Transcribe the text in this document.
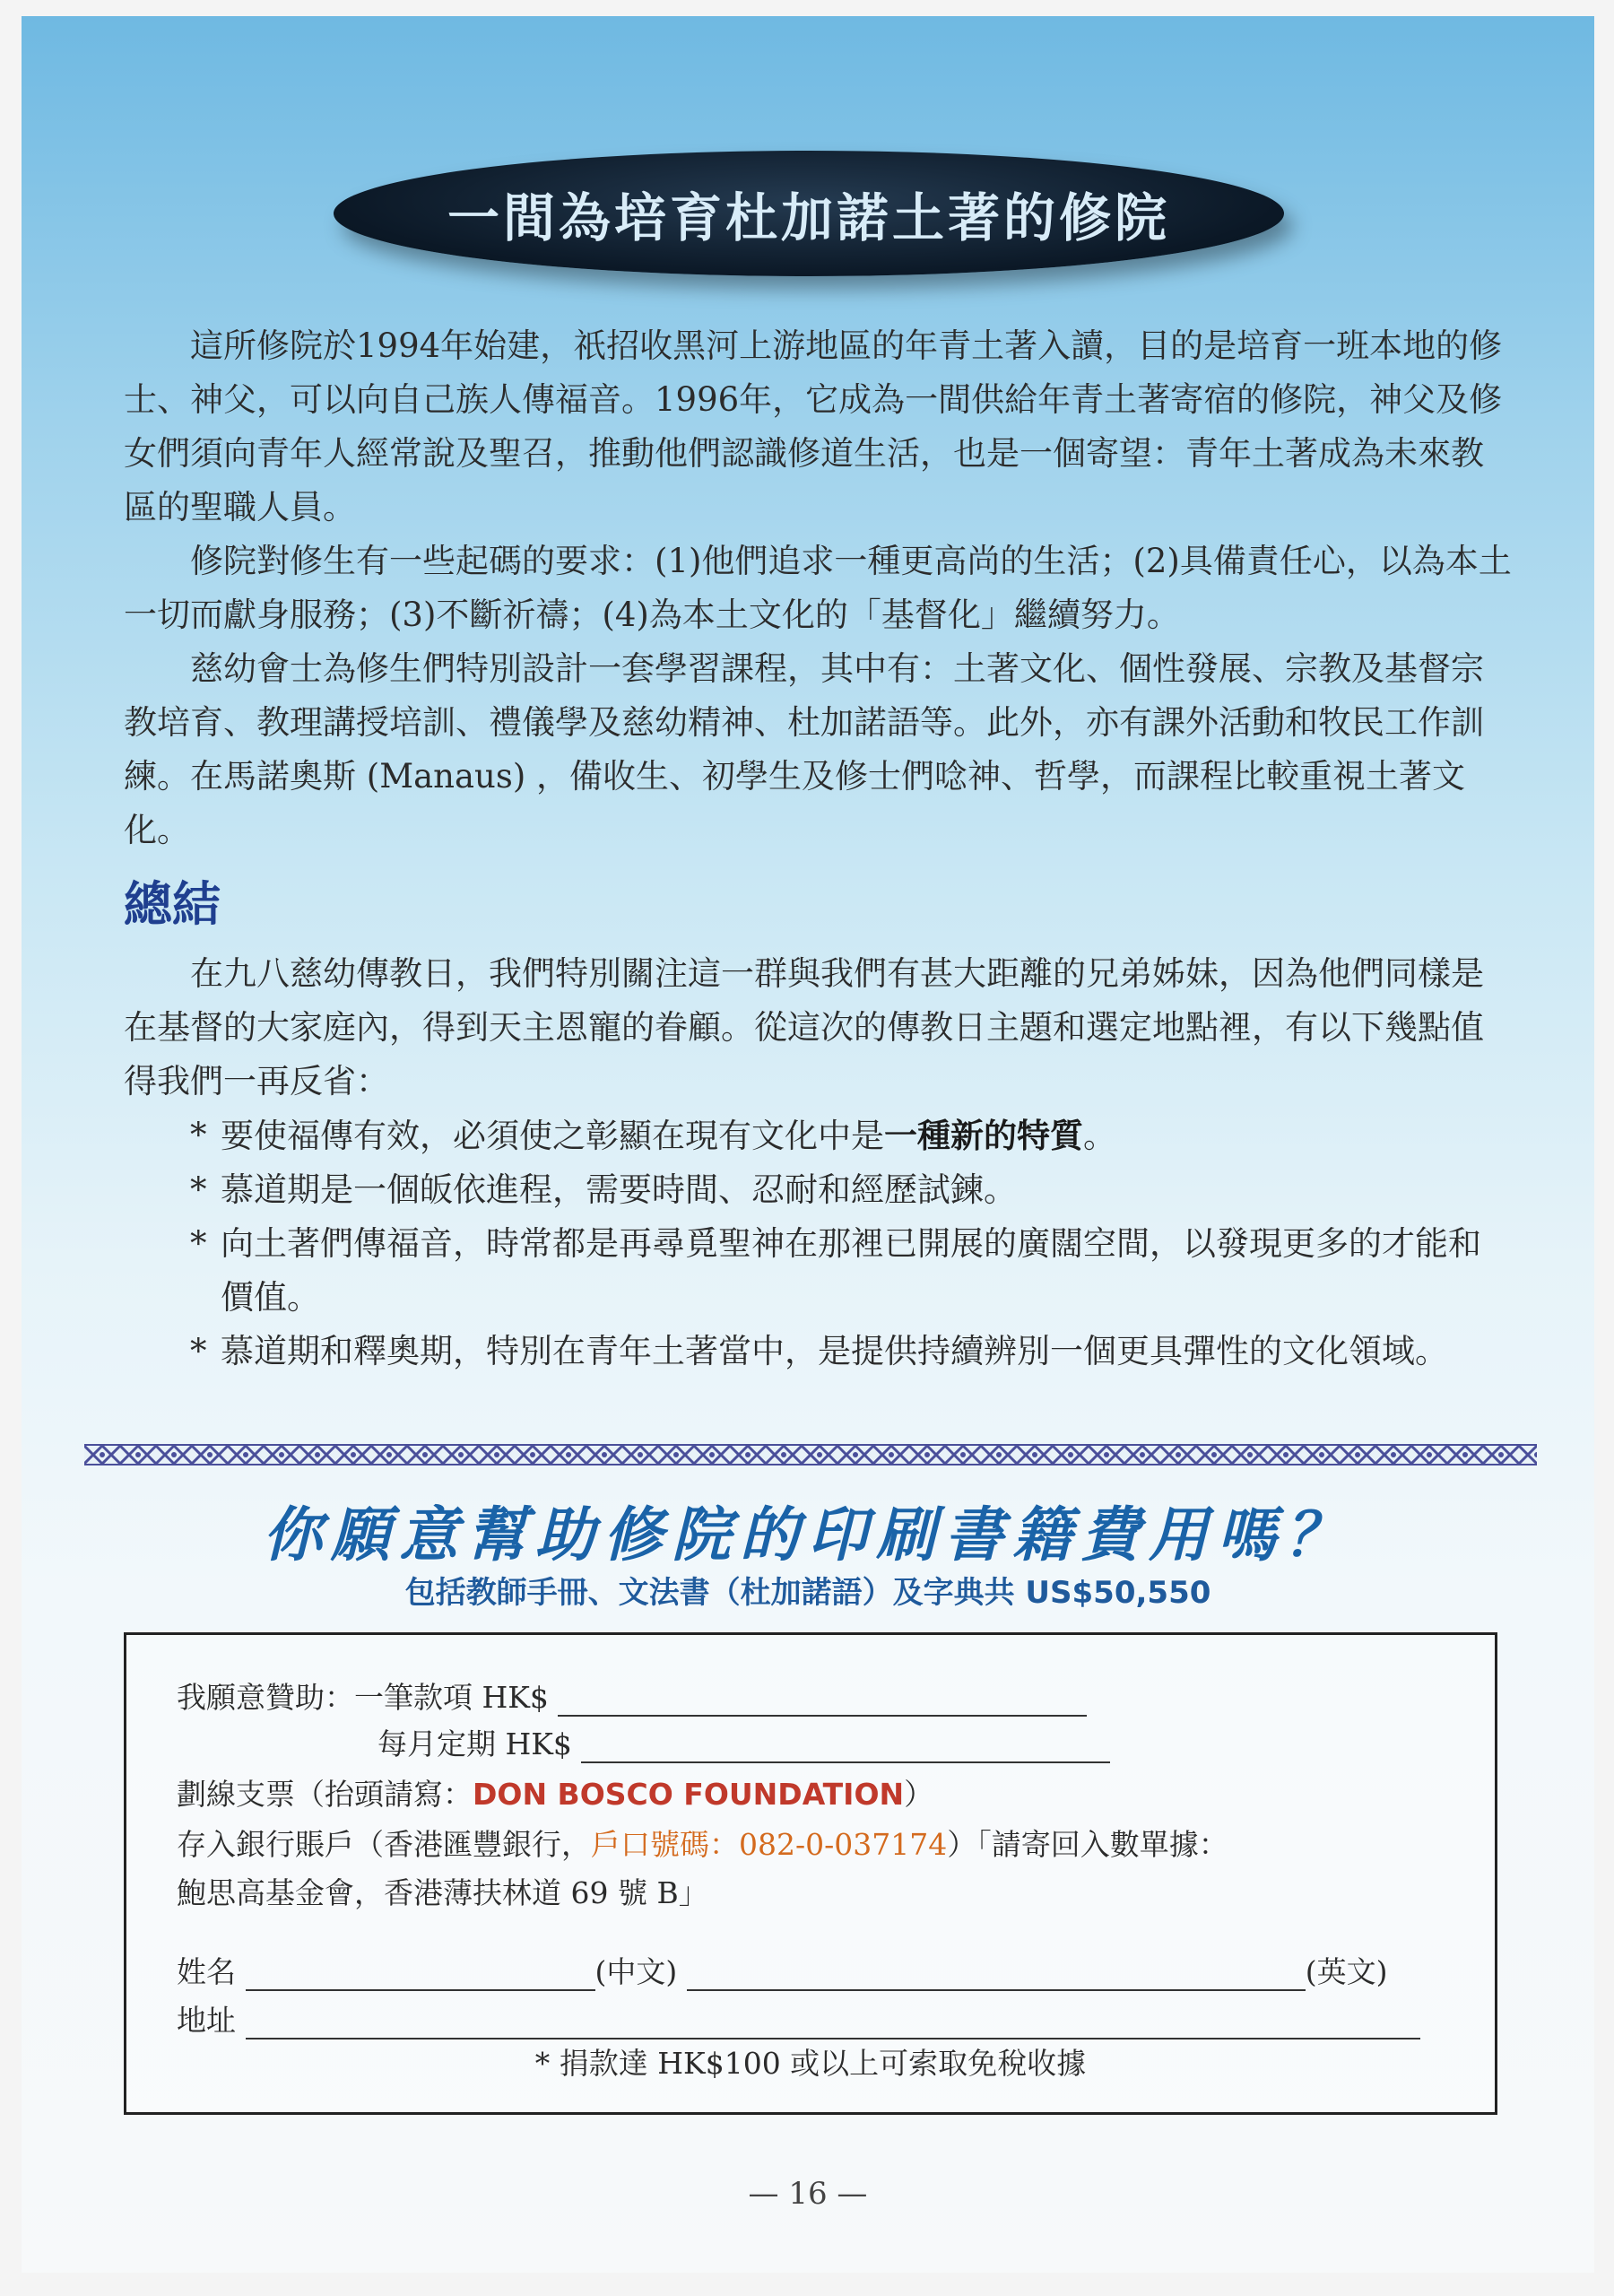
一間為培育杜加諾土著的修院

這所修院於1994年始建，祇招收黑河上游地區的年青土著入讀，目的是培育一班本地的修士、神父，可以向自己族人傳福音。1996年，它成為一間供給年青土著寄宿的修院，神父及修女們須向青年人經常說及聖召，推動他們認識修道生活，也是一個寄望：青年土著成為未來教區的聖職人員。

修院對修生有一些起碼的要求：(1)他們追求一種更高尚的生活；(2)具備責任心，以為本土一切而獻身服務；(3)不斷祈禱；(4)為本土文化的「基督化」繼續努力。

慈幼會士為修生們特別設計一套學習課程，其中有：土著文化、個性發展、宗教及基督宗教培育、教理講授培訓、禮儀學及慈幼精神、杜加諾語等。此外，亦有課外活動和牧民工作訓練。在馬諾奧斯 (Manaus) ，備收生、初學生及修士們唸神、哲學，而課程比較重視土著文化。

總結

在九八慈幼傳教日，我們特別關注這一群與我們有甚大距離的兄弟姊妹，因為他們同樣是在基督的大家庭內，得到天主恩寵的眷顧。從這次的傳教日主題和選定地點裡，有以下幾點值得我們一再反省：

* 要使福傳有效，必須使之彰顯在現有文化中是一種新的特質。
* 慕道期是一個皈依進程，需要時間、忍耐和經歷試鍊。
* 向土著們傳福音，時常都是再尋覓聖神在那裡已開展的廣闊空間，以發現更多的才能和價值。
* 慕道期和釋奧期，特別在青年土著當中，是提供持續辨別一個更具彈性的文化領域。
你願意幫助修院的印刷書籍費用嗎？
包括教師手冊、文法書（杜加諾語）及字典共 US$50,550
我願意贊助：一筆款項 HK$
每月定期 HK$
劃線支票（抬頭請寫：DON BOSCO FOUNDATION）
存入銀行賬戶（香港匯豐銀行，戶口號碼：082-0-037174）「請寄回入數單據：
鮑思高基金會，香港薄扶林道 69 號 B」
姓名	(中文)	(英文)
地址
* 捐款達 HK$100 或以上可索取免稅收據
— 16 —
